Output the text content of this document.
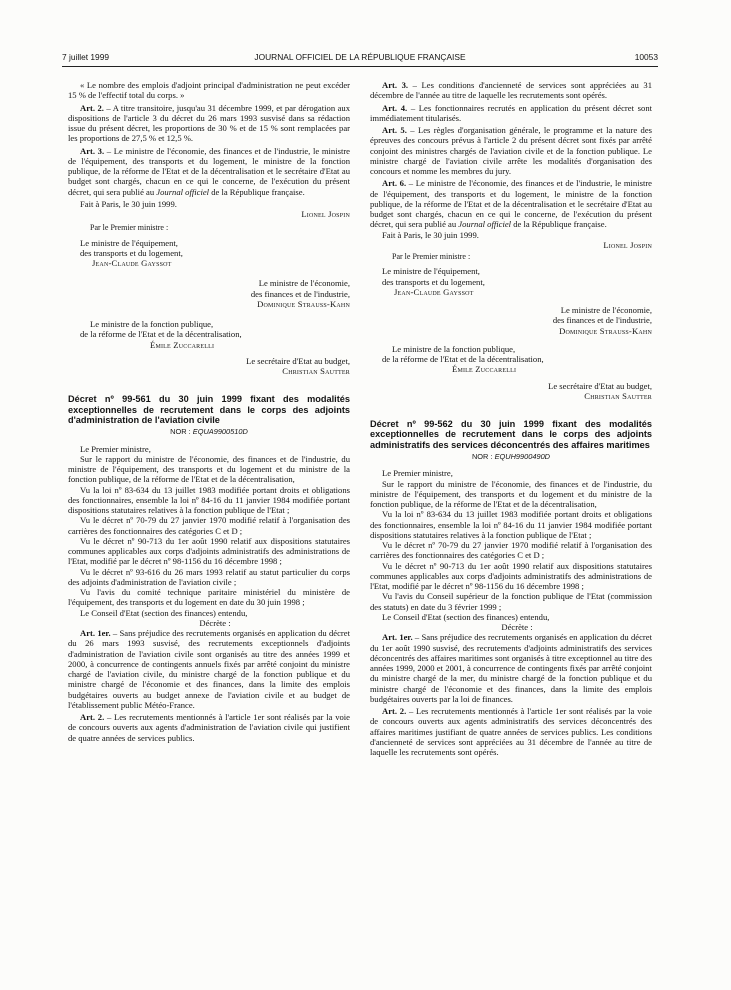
7 juillet 1999	JOURNAL OFFICIEL DE LA RÉPUBLIQUE FRANÇAISE	10053

« Le nombre des emplois d'adjoint principal d'administration ne peut excéder 15 % de l'effectif total du corps. »

Art. 2. – A titre transitoire, jusqu'au 31 décembre 1999, et par dérogation aux dispositions de l'article 3 du décret du 26 mars 1993 susvisé dans sa rédaction issue du présent décret, les proportions de 30 % et de 15 % sont remplacées par les proportions de 27,5 % et 12,5 %.

Art. 3. – Le ministre de l'économie, des finances et de l'industrie, le ministre de l'équipement, des transports et du logement, le ministre de la fonction publique, de la réforme de l'Etat et de la décentralisation et le secrétaire d'Etat au budget sont chargés, chacun en ce qui le concerne, de l'exécution du présent décret, qui sera publié au Journal officiel de la République française.

Fait à Paris, le 30 juin 1999.

Lionel Jospin

Par le Premier ministre :

Le ministre de l'équipement,

des transports et du logement,

Jean-Claude Gayssot

Le ministre de l'économie,

des finances et de l'industrie,

Dominique Strauss-Kahn

Le ministre de la fonction publique,

de la réforme de l'Etat et de la décentralisation,

Émile Zuccarelli

Le secrétaire d'Etat au budget,

Christian Sautter

Décret nº 99-561 du 30 juin 1999 fixant des modalités exceptionnelles de recrutement dans le corps des adjoints d'administration de l'aviation civile
NOR : EQUA9900510D

Le Premier ministre,

Sur le rapport du ministre de l'économie, des finances et de l'industrie, du ministre de l'équipement, des transports et du logement et du ministre de la fonction publique, de la réforme de l'Etat et de la décentralisation,

Vu la loi nº 83-634 du 13 juillet 1983 modifiée portant droits et obligations des fonctionnaires, ensemble la loi nº 84-16 du 11 janvier 1984 modifiée portant dispositions statutaires relatives à la fonction publique de l'Etat ;

Vu le décret nº 70-79 du 27 janvier 1970 modifié relatif à l'organisation des carrières des fonctionnaires des catégories C et D ;

Vu le décret nº 90-713 du 1er août 1990 relatif aux dispositions statutaires communes applicables aux corps d'adjoints administratifs des administrations de l'Etat, modifié par le décret nº 98-1156 du 16 décembre 1998 ;

Vu le décret nº 93-616 du 26 mars 1993 relatif au statut particulier du corps des adjoints d'administration de l'aviation civile ;

Vu l'avis du comité technique paritaire ministériel du ministère de l'équipement, des transports et du logement en date du 30 juin 1998 ;

Le Conseil d'Etat (section des finances) entendu,

Décrète :

Art. 1er. – Sans préjudice des recrutements organisés en application du décret du 26 mars 1993 susvisé, des recrutements exceptionnels d'adjoints d'administration de l'aviation civile sont organisés au titre des années 1999 et 2000, à concurrence de contingents annuels fixés par arrêté conjoint du ministre chargé de l'aviation civile, du ministre chargé de la fonction publique et du ministre chargé de l'économie et des finances, dans la limite des emplois budgétaires ouverts au budget annexe de l'aviation civile et au budget de l'établissement public Météo-France.

Art. 2. – Les recrutements mentionnés à l'article 1er sont réalisés par la voie de concours ouverts aux agents d'administration de l'aviation civile qui justifient de quatre années de services publics.

Art. 3. – Les conditions d'ancienneté de services sont appréciées au 31 décembre de l'année au titre de laquelle les recrutements sont opérés.

Art. 4. – Les fonctionnaires recrutés en application du présent décret sont immédiatement titularisés.

Art. 5. – Les règles d'organisation générale, le programme et la nature des épreuves des concours prévus à l'article 2 du présent décret sont fixés par arrêté conjoint des ministres chargés de l'aviation civile et de la fonction publique. Le ministre chargé de l'aviation civile arrête les modalités d'organisation des concours et nomme les membres du jury.

Art. 6. – Le ministre de l'économie, des finances et de l'industrie, le ministre de l'équipement, des transports et du logement, le ministre de la fonction publique, de la réforme de l'Etat et de la décentralisation et le secrétaire d'Etat au budget sont chargés, chacun en ce qui le concerne, de l'exécution du présent décret, qui sera publié au Journal officiel de la République française.

Fait à Paris, le 30 juin 1999.

Lionel Jospin

Par le Premier ministre :

Le ministre de l'équipement,

des transports et du logement,

Jean-Claude Gayssot

Le ministre de l'économie,

des finances et de l'industrie,

Dominique Strauss-Kahn

Le ministre de la fonction publique,

de la réforme de l'Etat et de la décentralisation,

Émile Zuccarelli

Le secrétaire d'Etat au budget,

Christian Sautter

Décret nº 99-562 du 30 juin 1999 fixant des modalités exceptionnelles de recrutement dans le corps des adjoints administratifs des services déconcentrés des affaires maritimes
NOR : EQUH9900490D

Le Premier ministre,

Sur le rapport du ministre de l'économie, des finances et de l'industrie, du ministre de l'équipement, des transports et du logement et du ministre de la fonction publique, de la réforme de l'Etat et de la décentralisation,

Vu la loi nº 83-634 du 13 juillet 1983 modifiée portant droits et obligations des fonctionnaires, ensemble la loi nº 84-16 du 11 janvier 1984 modifiée portant dispositions statutaires relatives à la fonction publique de l'Etat ;

Vu le décret nº 70-79 du 27 janvier 1970 modifié relatif à l'organisation des carrières des fonctionnaires des catégories C et D ;

Vu le décret nº 90-713 du 1er août 1990 relatif aux dispositions statutaires communes applicables aux corps d'adjoints administratifs des administrations de l'Etat, modifié par le décret nº 98-1156 du 16 décembre 1998 ;

Vu l'avis du Conseil supérieur de la fonction publique de l'Etat (commission des statuts) en date du 3 février 1999 ;

Le Conseil d'Etat (section des finances) entendu,

Décrète :

Art. 1er. – Sans préjudice des recrutements organisés en application du décret du 1er août 1990 susvisé, des recrutements d'adjoints administratifs des services déconcentrés des affaires maritimes sont organisés à titre exceptionnel au titre des années 1999, 2000 et 2001, à concurrence de contingents fixés par arrêté conjoint du ministre chargé de la mer, du ministre chargé de la fonction publique et du ministre chargé de l'économie et des finances, dans la limite des emplois budgétaires ouverts par la loi de finances.

Art. 2. – Les recrutements mentionnés à l'article 1er sont réalisés par la voie de concours ouverts aux agents administratifs des services déconcentrés des affaires maritimes justifiant de quatre années de services publics. Les conditions d'ancienneté de services sont appréciées au 31 décembre de l'année au titre de laquelle les recrutements sont opérés.
